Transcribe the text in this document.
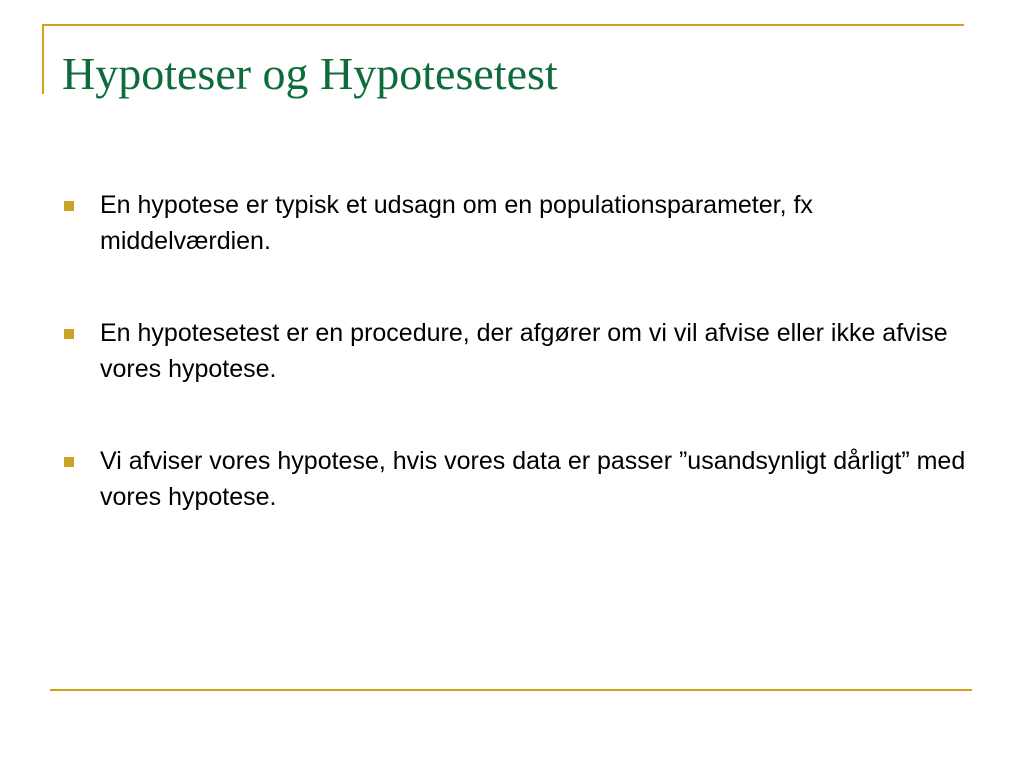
Hypoteser og Hypotesetest
En hypotese er typisk et udsagn om en populationsparameter, fx middelværdien.
En hypotesetest er en procedure, der afgører om vi vil afvise eller ikke afvise vores hypotese.
Vi afviser vores hypotese, hvis vores data er passer ”usandsynligt dårligt” med vores hypotese.
